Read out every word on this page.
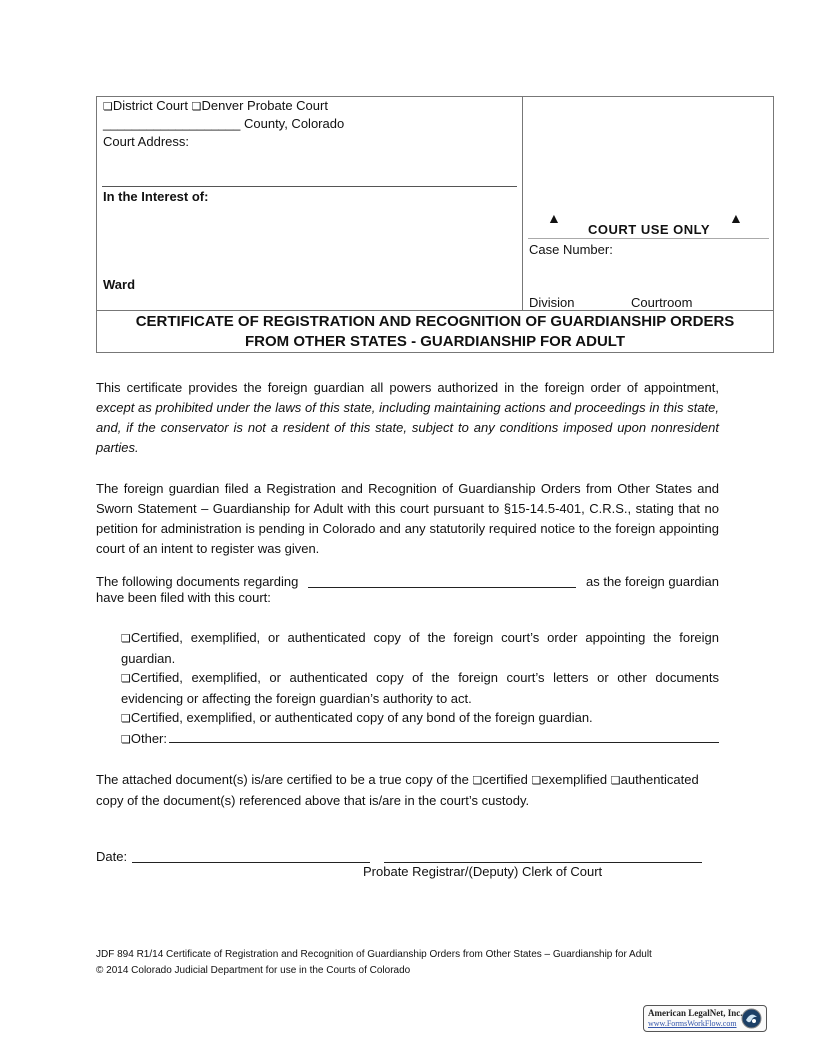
❏District Court ❏Denver Probate Court
___________________ County, Colorado
Court Address:
In the Interest of:
Ward
▲
COURT USE ONLY
▲
Case Number:
Division	Courtroom
CERTIFICATE OF REGISTRATION AND RECOGNITION OF GUARDIANSHIP ORDERS
FROM OTHER STATES - GUARDIANSHIP FOR ADULT
This certificate provides the foreign guardian all powers authorized in the foreign order of appointment, except as prohibited under the laws of this state, including maintaining actions and proceedings in this state, and, if the conservator is not a resident of this state, subject to any conditions imposed upon nonresident parties.
The foreign guardian filed a Registration and Recognition of Guardianship Orders from Other States and Sworn Statement – Guardianship for Adult with this court pursuant to §15-14.5-401, C.R.S., stating that no petition for administration is pending in Colorado and any statutorily required notice to the foreign appointing court of an intent to register was given.
The following documents regarding	as the foreign guardian
have been filed with this court:
❏Certified, exemplified, or authenticated copy of the foreign court’s order appointing the foreign guardian.
❏Certified, exemplified, or authenticated copy of the foreign court’s letters or other documents evidencing or affecting the foreign guardian’s authority to act.
❏Certified, exemplified, or authenticated copy of any bond of the foreign guardian.
❏ Other:
The attached document(s) is/are certified to be a true copy of the ❏certified ❏exemplified ❏authenticated
copy of the document(s) referenced above that is/are in the court’s custody.
Date:
Probate Registrar/(Deputy) Clerk of Court
JDF 894 R1/14 Certificate of Registration and Recognition of Guardianship Orders from Other States – Guardianship for Adult
© 2014 Colorado Judicial Department for use in the Courts of Colorado
American LegalNet, Inc.
www.FormsWorkFlow.com
